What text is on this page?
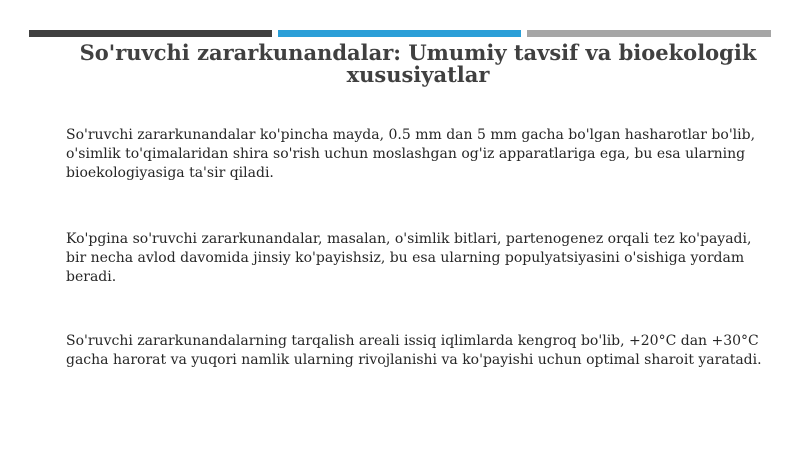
So'ruvchi zararkunandalar: Umumiy tavsif va bioekologik xususiyatlar

So'ruvchi zararkunandalar ko'pincha mayda, 0.5 mm dan 5 mm gacha bo'lgan hasharotlar bo'lib, o'simlik to'qimalaridan shira so'rish uchun moslashgan og'iz apparatlariga ega, bu esa ularning bioekologiyasiga ta'sir qiladi.

Ko'pgina so'ruvchi zararkunandalar, masalan, o'simlik bitlari, partenogenez orqali tez ko'payadi, bir necha avlod davomida jinsiy ko'payishsiz, bu esa ularning populyatsiyasini o'sishiga yordam beradi.

So'ruvchi zararkunandalarning tarqalish areali issiq iqlimlarda kengroq bo'lib, +20°C dan +30°C gacha harorat va yuqori namlik ularning rivojlanishi va ko'payishi uchun optimal sharoit yaratadi.
